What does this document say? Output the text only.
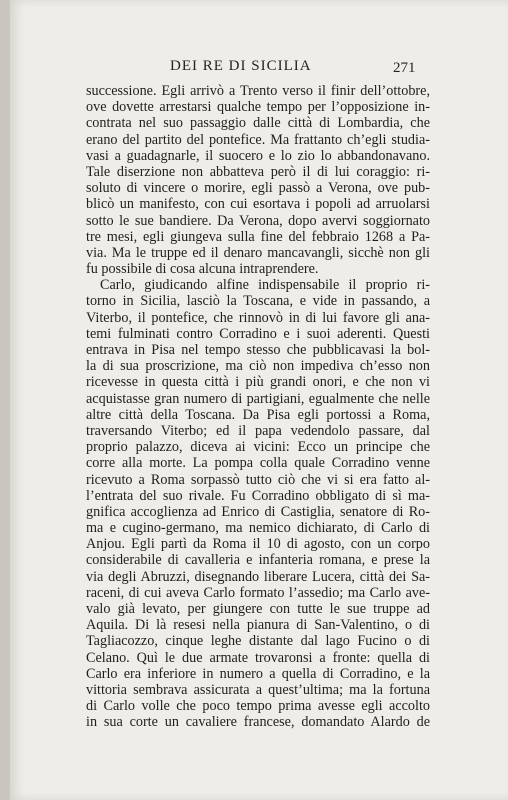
DEI RE DI SICILIA	271
successione. Egli arrivò a Trento verso il finir dell’ottobre,
ove dovette arrestarsi qualche tempo per l’opposizione in-
contrata nel suo passaggio dalle città di Lombardia, che
erano del partito del pontefice. Ma frattanto ch’egli studia-
vasi a guadagnarle, il suocero e lo zio lo abbandonavano.
Tale diserzione non abbatteva però il di lui coraggio: ri-
soluto di vincere o morire, egli passò a Verona, ove pub-
blicò un manifesto, con cui esortava i popoli ad arruolarsi
sotto le sue bandiere. Da Verona, dopo avervi soggiornato
tre mesi, egli giungeva sulla fine del febbraio 1268 a Pa-
via. Ma le truppe ed il denaro mancavangli, sicchè non gli
fu possibile di cosa alcuna intraprendere.
Carlo, giudicando alfine indispensabile il proprio ri-
torno in Sicilia, lasciò la Toscana, e vide in passando, a
Viterbo, il pontefice, che rinnovò in di lui favore gli ana-
temi fulminati contro Corradino e i suoi aderenti. Questi
entrava in Pisa nel tempo stesso che pubblicavasi la bol-
la di sua proscrizione, ma ciò non impediva ch’esso non
ricevesse in questa città i più grandi onori, e che non vi
acquistasse gran numero di partigiani, egualmente che nelle
altre città della Toscana. Da Pisa egli portossi a Roma,
traversando Viterbo; ed il papa vedendolo passare, dal
proprio palazzo, diceva ai vicini: Ecco un principe che
corre alla morte. La pompa colla quale Corradino venne
ricevuto a Roma sorpassò tutto ciò che vi si era fatto al-
l’entrata del suo rivale. Fu Corradino obbligato di sì ma-
gnifica accoglienza ad Enrico di Castiglia, senatore di Ro-
ma e cugino-germano, ma nemico dichiarato, di Carlo di
Anjou. Egli partì da Roma il 10 di agosto, con un corpo
considerabile di cavalleria e infanteria romana, e prese la
via degli Abruzzi, disegnando liberare Lucera, città dei Sa-
raceni, di cui aveva Carlo formato l’assedio; ma Carlo ave-
valo già levato, per giungere con tutte le sue truppe ad
Aquila. Di là resesi nella pianura di San-Valentino, o di
Tagliacozzo, cinque leghe distante dal lago Fucino o di
Celano. Quì le due armate trovaronsi a fronte: quella di
Carlo era inferiore in numero a quella di Corradino, e la
vittoria sembrava assicurata a quest’ultima; ma la fortuna
di Carlo volle che poco tempo prima avesse egli accolto
in sua corte un cavaliere francese, domandato Alardo de
